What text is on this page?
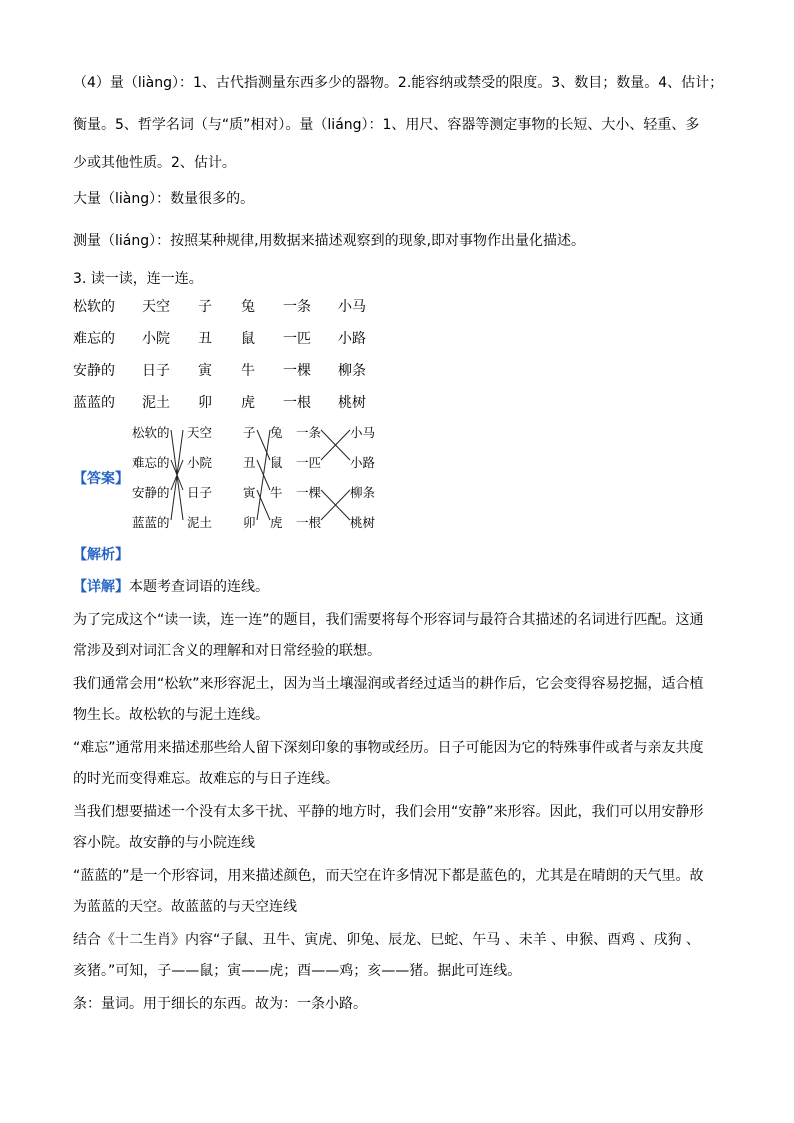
（4）量（liàng）：1、古代指测量东西多少的器物。2.能容纳或禁受的限度。3、数目；数量。4、估计；
衡量。5、哲学名词（与“质”相对）。量（liáng）：1、用尺、容器等测定事物的长短、大小、轻重、多
少或其他性质。2、估计。
大量（liàng）：数量很多的。
测量（liáng）：按照某种规律,用数据来描述观察到的现象,即对事物作出量化描述。
3. 读一读，连一连。
松软的 天空 子 兔 一条 小马
难忘的 小院 丑 鼠 一匹 小路
安静的 日子 寅 牛 一棵 柳条
蓝蓝的 泥土 卯 虎 一根 桃树
【答案】
松软的 天空 子 兔 一条 小马
难忘的 小院 丑 鼠 一匹 小路
安静的 日子 寅 牛 一棵 柳条
蓝蓝的 泥土 卯 虎 一根 桃树
【解析】
【详解】本题考查词语的连线。
为了完成这个“读一读，连一连”的题目，我们需要将每个形容词与最符合其描述的名词进行匹配。这通
常涉及到对词汇含义的理解和对日常经验的联想。
我们通常会用“松软”来形容泥土，因为当土壤湿润或者经过适当的耕作后，它会变得容易挖掘，适合植
物生长。故松软的与泥土连线。
“难忘”通常用来描述那些给人留下深刻印象的事物或经历。日子可能因为它的特殊事件或者与亲友共度
的时光而变得难忘。故难忘的与日子连线。
当我们想要描述一个没有太多干扰、平静的地方时，我们会用“安静”来形容。因此，我们可以用安静形
容小院。故安静的与小院连线
“蓝蓝的”是一个形容词，用来描述颜色，而天空在许多情况下都是蓝色的，尤其是在晴朗的天气里。故
为蓝蓝的天空。故蓝蓝的与天空连线
结合《十二生肖》内容“子鼠、丑牛、寅虎、卯兔、辰龙、巳蛇、午马 、未羊 、申猴、酉鸡 、戌狗 、
亥猪。”可知，子——鼠；寅——虎；酉——鸡；亥——猪。据此可连线。
条：量词。用于细长的东西。故为：一条小路。
